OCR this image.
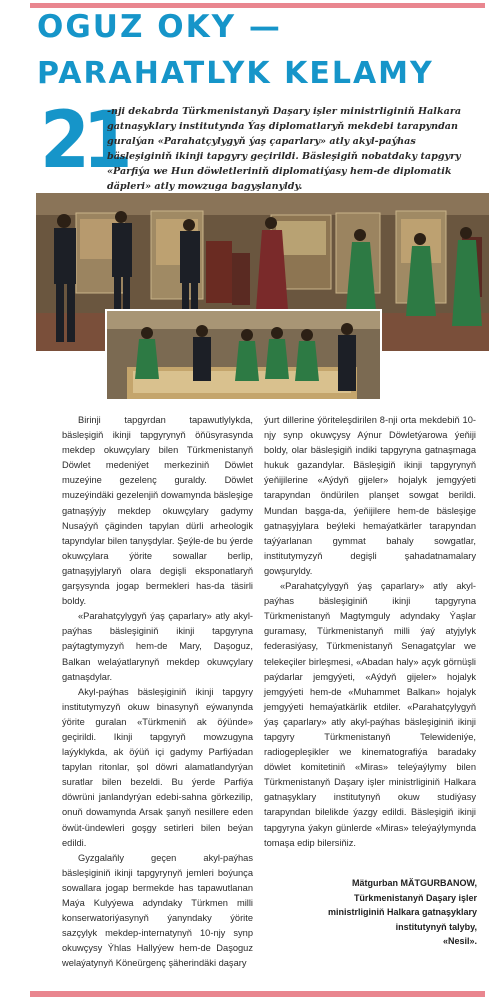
OGUZ OKY —
PARAHATLYK KELAMY
21

-nji dekabrda Türkmenistanyň Daşary işler ministrliginiň Halkara gatnaşyklary institutynda Ýaş diplomatlaryň mekdebi tarapyndan guralýan «Parahatçylygyň ýaş çaparlary» atly akyl-paýhas bäsleşiginiň ikinji tapgyry geçirildi. Bäsleşigiň nobatdaky tapgyry «Parfiýa we Hun döwletleriniň diplomatiýasy hem-de diplomatik däpleri» atly mowzuga bagyşlanyldy.

Birinji tapgyrdan tapawutlylykda, bäsleşigiň ikinji tapgyrynyň öňüsyrasynda mekdep okuwçylary bilen Türkmenistanyň Döwlet medeniýet merkeziniň Döwlet muzeýine gezelenç guraldy. Döwlet muzeýindäki gezelenjiň dowamynda bäsleşige gatnaşýyjy mekdep okuwçylary gadymy Nusaýyň çäginden tapylan dürli arheologik tapyndylar bilen tanyşdylar. Şeýle-de bu ýerde okuwçylara ýörite sowallar berlip, gatnaşyjylaryň olara degişli eksponatlaryň garşysynda jogap bermekleri has-da täsirli boldy.

«Parahatçylygyň ýaş çaparlary» atly akyl-paýhas bäsleşiginiň ikinji tapgyryna paýtagtymyzyň hem-de Mary, Daşoguz, Balkan welaýatlarynyň mekdep okuwçylary gatnaşdylar.

Akyl-paýhas bäsleşiginiň ikinji tapgyry institutymyzyň okuw binasynyň eýwanynda ýörite guralan «Türkmeniň ak öýünde» geçirildi. Ikinji tapgyryň mowzugyna laýyklykda, ak öýüň içi gadymy Parfiýadan tapylan ritonlar, şol döwri alamatlandyrýan suratlar bilen bezeldi. Bu ýerde Parfiýa döwrüni janlandyrýan edebi-sahna görkezilip, onuň dowamynda Arsak şanyň nesillere eden öwüt-ündewleri goşgy setirleri bilen beýan edildi.

Gyzgalaňly geçen akyl-paýhas bäsleşiginiň ikinji tapgyrynyň jemleri boýunça sowallara jogap bermekde has tapawutlanan Maýa Kulyýewa adyndaky Türkmen milli konserwatoriýasynyň ýanyndaky ýörite sazçylyk mekdep-internatynyň 10-njy synp okuwçysy Ýhlas Hallyýew hem-de Daşoguz welaýatynyň Köneürgenç şäherindäki daşary

ýurt dillerine ýöriteleşdirilen 8-nji orta mekdebiň 10-njy synp okuwçysy Aýnur Döwletýarowa ýeňiji boldy, olar bäsleşigiň indiki tapgyryna gatnaşmaga hukuk gazandylar. Bäsleşigiň ikinji tapgyrynyň ýeňijilerine «Aýdyň gijeler» hojalyk jemgyýeti tarapyndan öndürilen planşet sowgat berildi. Mundan başga-da, ýeňijilere hem-de bäsleşige gatnaşyjylara beýleki hemaýatkärler tarapyndan taýýarlanan gymmat bahaly sowgatlar, institutymyzyň degişli şahadatnamalary gowşuryldy.

«Parahatçylygyň ýaş çaparlary» atly akyl-paýhas bäsleşiginiň ikinji tapgyryna Türkmenistanyň Magtymguly adyndaky Ýaşlar guramasy, Türkmenistanyň milli ýaý atyjylyk federasiýasy, Türkmenistanyň Senagatçylar we telekeçiler birleşmesi, «Abadan haly» açyk görnüşli paýdarlar jemgyýeti, «Aýdyň gijeler» hojalyk jemgyýeti hem-de «Muhammet Balkan» hojalyk jemgyýeti hemaýatkärlik etdiler. «Parahatçylygyň ýaş çaparlary» atly akyl-paýhas bäsleşiginiň ikinji tapgyry Türkmenistanyň Telewideniýe, radiogepleşikler we kinematografiýa baradaky döwlet komitetiniň «Miras» teleýaýlymy bilen Türkmenistanyň Daşary işler ministrliginiň Halkara gatnaşyklary institutynyň okuw studiýasy tarapyndan bilelikde ýazgy edildi. Bäsleşigiň ikinji tapgyryna ýakyn günlerde «Miras» teleýaýlymynda tomaşa edip bilersiňiz.

Mätgurban MÄTGURBANOW,
Türkmenistanyň Daşary işler
ministrliginiň Halkara gatnaşyklary
institutynyň talyby,
«Nesil».
